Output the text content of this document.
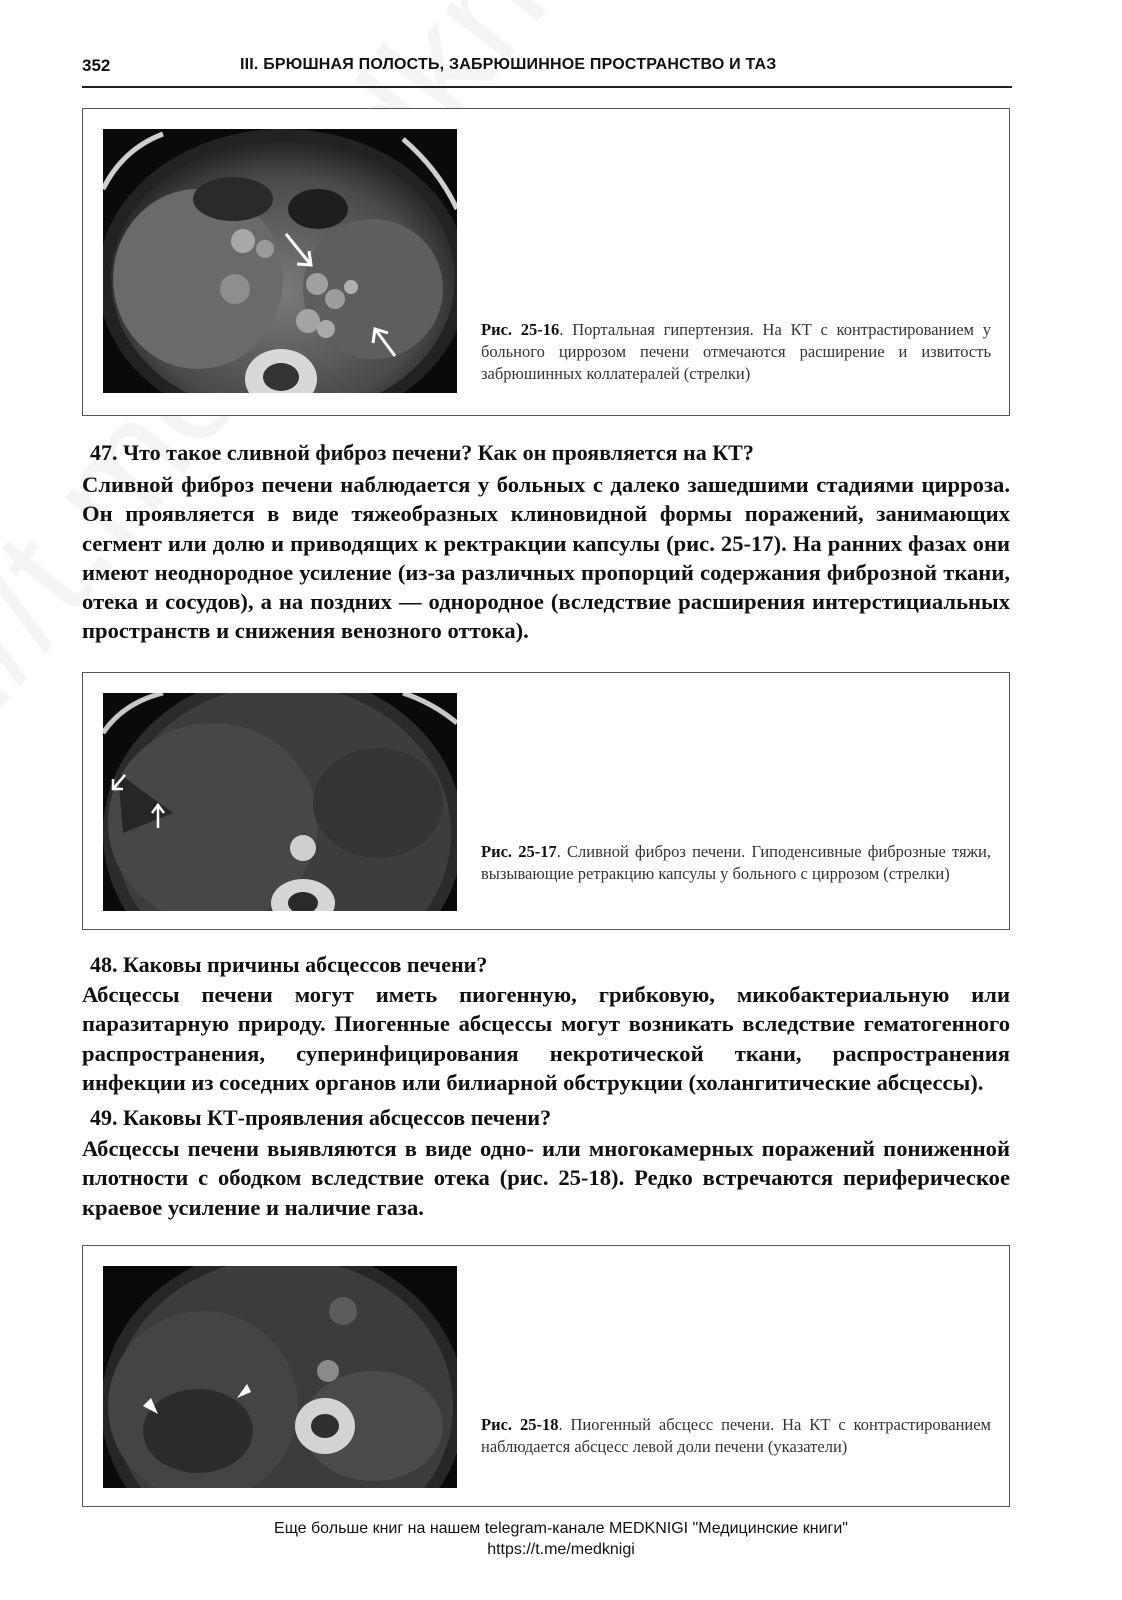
352	III. БРЮШНАЯ ПОЛОСТЬ, ЗАБРЮШИННОЕ ПРОСТРАНСТВО И ТАЗ
Рис. 25-16. Портальная гипертензия. На КТ с контрастированием у больного циррозом печени отмечаются расширение и извитость забрюшинных коллатералей (стрелки)
47. Что такое сливной фиброз печени? Как он проявляется на КТ?
Сливной фиброз печени наблюдается у больных с далеко зашедшими стадиями цирроза. Он проявляется в виде тяжеобразных клиновидной формы поражений, занимающих сегмент или долю и приводящих к ректракции капсулы (рис. 25-17). На ранних фазах они имеют неоднородное усиление (из-за различных пропорций содержания фиброзной ткани, отека и сосудов), а на поздних — однородное (вследствие расширения интерстициальных пространств и снижения венозного оттока).
Рис. 25-17. Сливной фиброз печени. Гиподенсивные фиброзные тяжи, вызывающие ретракцию капсулы у больного с циррозом (стрелки)
48. Каковы причины абсцессов печени?
Абсцессы печени могут иметь пиогенную, грибковую, микобактериальную или паразитарную природу. Пиогенные абсцессы могут возникать вследствие гематогенного распространения, суперинфицирования некротической ткани, распространения инфекции из соседних органов или билиарной обструкции (холангитические абсцессы).
49. Каковы КТ-проявления абсцессов печени?
Абсцессы печени выявляются в виде одно- или многокамерных поражений пониженной плотности с ободком вследствие отека (рис. 25-18). Редко встречаются периферическое краевое усиление и наличие газа.
Рис. 25-18. Пиогенный абсцесс печени. На КТ с контрастированием наблюдается абсцесс левой доли печени (указатели)
Еще больше книг на нашем telegram-канале MEDKNIGI "Медицинские книги"
https://t.me/medknigi
